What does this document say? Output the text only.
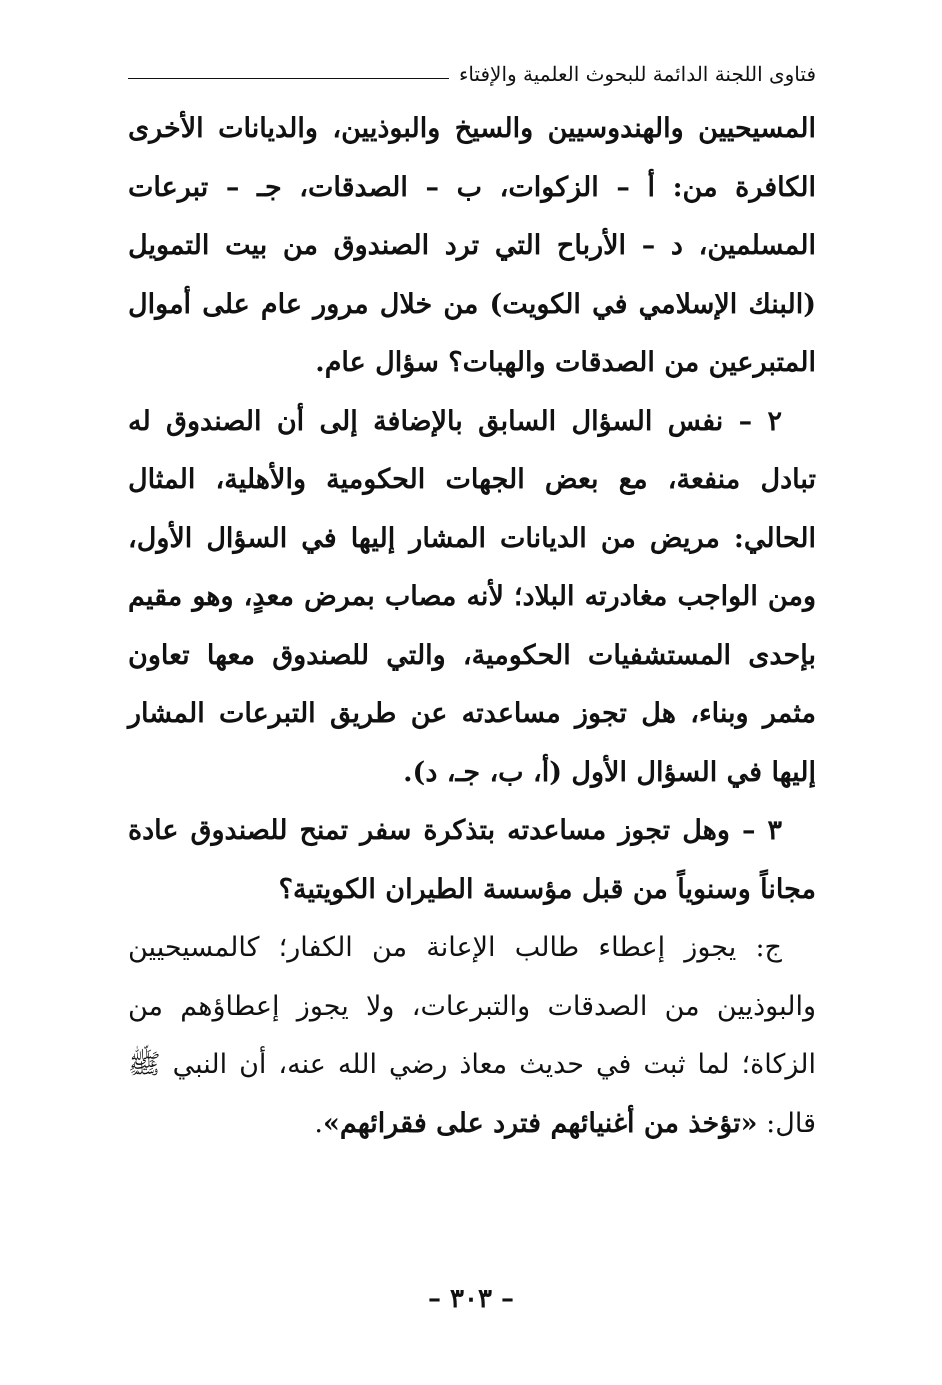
فتاوى اللجنة الدائمة للبحوث العلمية والإفتاء

المسيحيين والهندوسيين والسيخ والبوذيين، والديانات الأخرى الكافرة من: أ – الزكوات، ب – الصدقات، جـ – تبرعات المسلمين، د – الأرباح التي ترد الصندوق من بيت التمويل (البنك الإسلامي في الكويت) من خلال مرور عام على أموال المتبرعين من الصدقات والهبات؟ سؤال عام.

٢ – نفس السؤال السابق بالإضافة إلى أن الصندوق له تبادل منفعة، مع بعض الجهات الحكومية والأهلية، المثال الحالي: مريض من الديانات المشار إليها في السؤال الأول، ومن الواجب مغادرته البلاد؛ لأنه مصاب بمرض معدٍ، وهو مقيم بإحدى المستشفيات الحكومية، والتي للصندوق معها تعاون مثمر وبناء، هل تجوز مساعدته عن طريق التبرعات المشار إليها في السؤال الأول (أ، ب، جـ، د).

٣ – وهل تجوز مساعدته بتذكرة سفر تمنح للصندوق عادة مجاناً وسنوياً من قبل مؤسسة الطيران الكويتية؟

ج: يجوز إعطاء طالب الإعانة من الكفار؛ كالمسيحيين والبوذيين من الصدقات والتبرعات، ولا يجوز إعطاؤهم من الزكاة؛ لما ثبت في حديث معاذ رضي الله عنه، أن النبي ﷺ قال: «تؤخذ من أغنيائهم فترد على فقرائهم».

– ٣٠٣ –
